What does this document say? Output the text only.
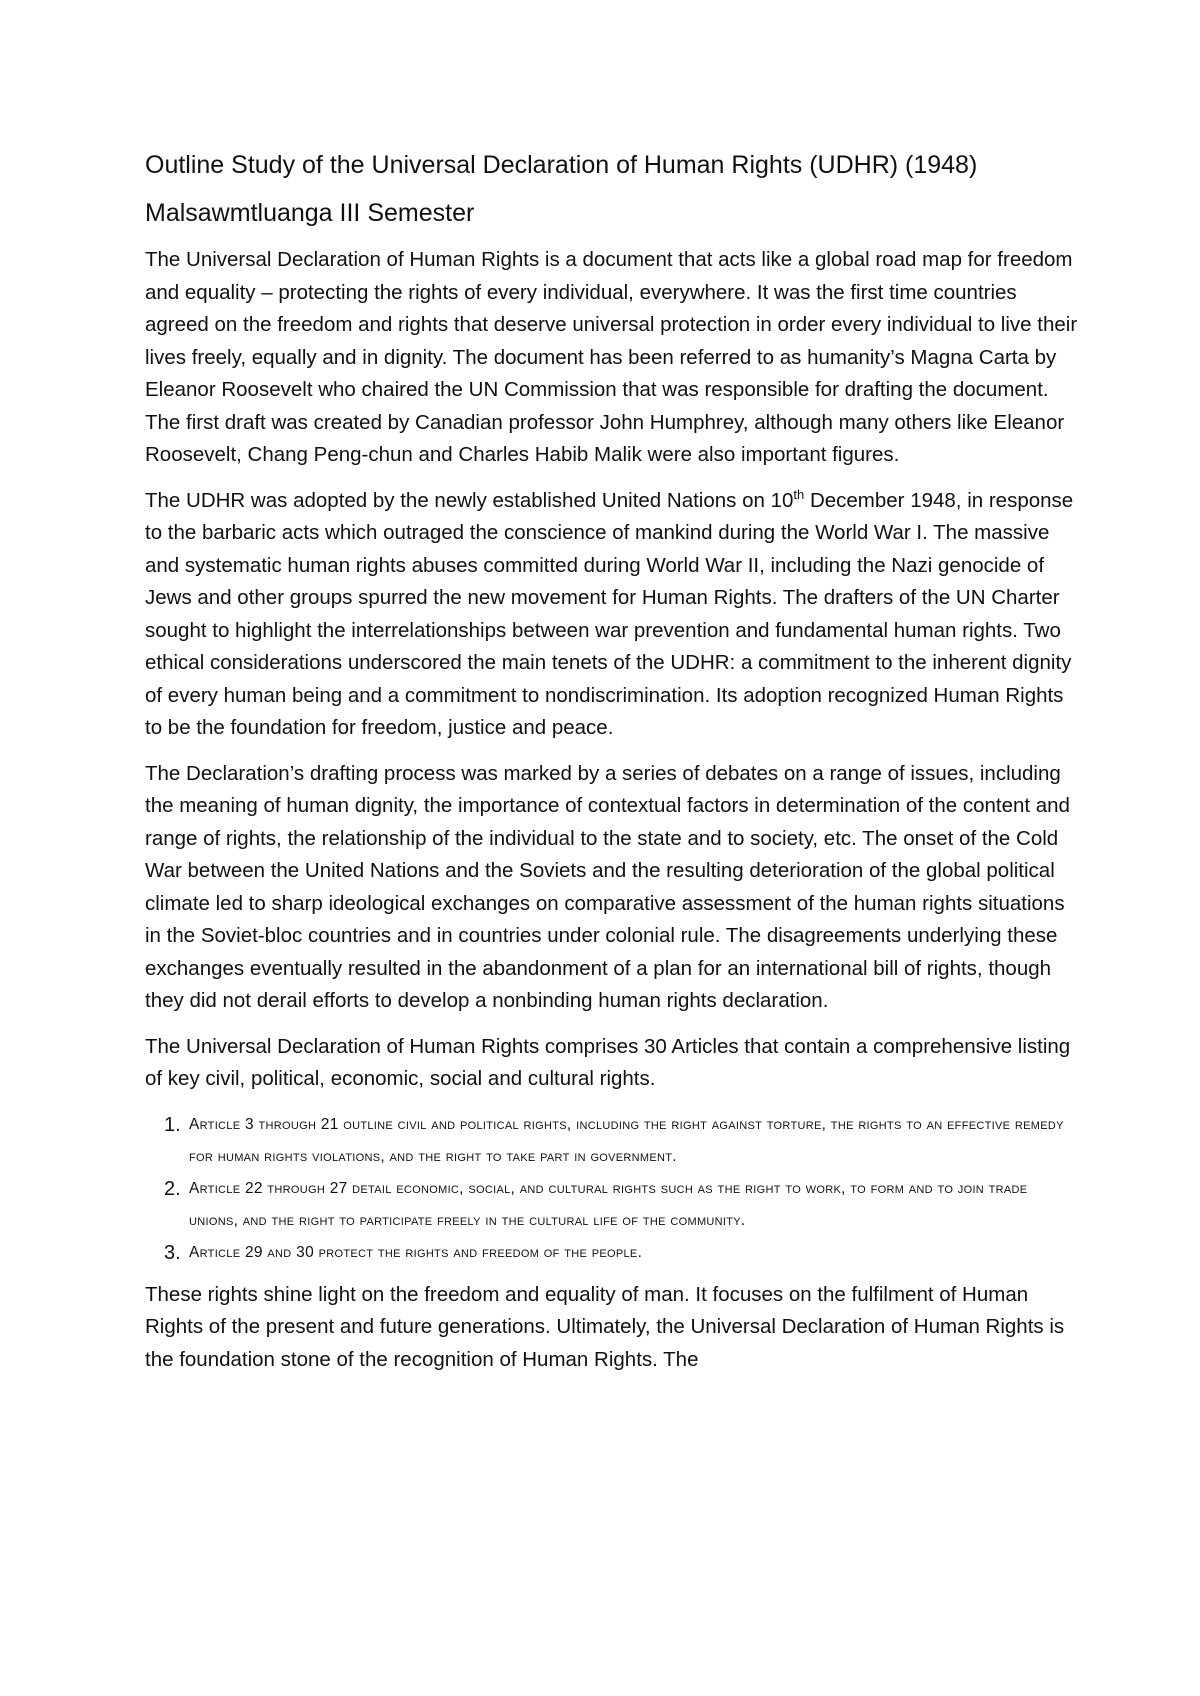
Outline Study of the Universal Declaration of Human Rights (UDHR) (1948)
Malsawmtluanga III Semester

The Universal Declaration of Human Rights is a document that acts like a global road map for freedom and equality – protecting the rights of every individual, everywhere. It was the first time countries agreed on the freedom and rights that deserve universal protection in order every individual to live their lives freely, equally and in dignity. The document has been referred to as humanity’s Magna Carta by Eleanor Roosevelt who chaired the UN Commission that was responsible for drafting the document. The first draft was created by Canadian professor John Humphrey, although many others like Eleanor Roosevelt, Chang Peng-chun and Charles Habib Malik were also important figures.

The UDHR was adopted by the newly established United Nations on 10th December 1948, in response to the barbaric acts which outraged the conscience of mankind during the World War I. The massive and systematic human rights abuses committed during World War II, including the Nazi genocide of Jews and other groups spurred the new movement for Human Rights. The drafters of the UN Charter sought to highlight the interrelationships between war prevention and fundamental human rights. Two ethical considerations underscored the main tenets of the UDHR: a commitment to the inherent dignity of every human being and a commitment to nondiscrimination. Its adoption recognized Human Rights to be the foundation for freedom, justice and peace.

The Declaration’s drafting process was marked by a series of debates on a range of issues, including the meaning of human dignity, the importance of contextual factors in determination of the content and range of rights, the relationship of the individual to the state and to society, etc. The onset of the Cold War between the United Nations and the Soviets and the resulting deterioration of the global political climate led to sharp ideological exchanges on comparative assessment of the human rights situations in the Soviet-bloc countries and in countries under colonial rule. The disagreements underlying these exchanges eventually resulted in the abandonment of a plan for an international bill of rights, though they did not derail efforts to develop a nonbinding human rights declaration.

The Universal Declaration of Human Rights comprises 30 Articles that contain a comprehensive listing of key civil, political, economic, social and cultural rights.

1. article 3 through 21 outline civil and political rights, including the right against torture, the rights to an effective remedy for human rights violations, and the right to take part in government.
2. article 22 through 27 detail economic, social, and cultural rights such as the right to work, to form and to join trade unions, and the right to participate freely in the cultural life of the community.
3. article 29 and 30 protect the rights and freedom of the people.

These rights shine light on the freedom and equality of man. It focuses on the fulfilment of Human Rights of the present and future generations. Ultimately, the Universal Declaration of Human Rights is the foundation stone of the recognition of Human Rights. The
